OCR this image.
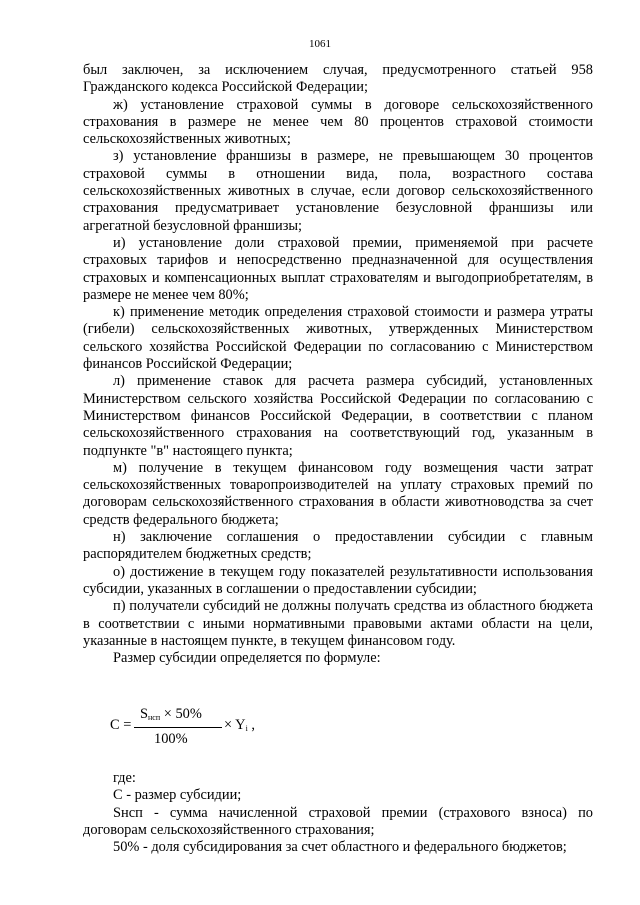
1061

был заключен, за исключением случая, предусмотренного статьей 958 Гражданского кодекса Российской Федерации;

ж) установление страховой суммы в договоре сельскохозяйственного страхования в размере не менее чем 80 процентов страховой стоимости сельскохозяйственных животных;

з) установление франшизы в размере, не превышающем 30 процентов страховой суммы в отношении вида, пола, возрастного состава сельскохозяйственных животных в случае, если договор сельскохозяйственного страхования предусматривает установление безусловной франшизы или агрегатной безусловной франшизы;

и) установление доли страховой премии, применяемой при расчете страховых тарифов и непосредственно предназначенной для осуществления страховых и компенсационных выплат страхователям и выгодоприобретателям, в размере не менее чем 80%;

к) применение методик определения страховой стоимости и размера утраты (гибели) сельскохозяйственных животных, утвержденных Министерством сельского хозяйства Российской Федерации по согласованию с Министерством финансов Российской Федерации;

л) применение ставок для расчета размера субсидий, установленных Министерством сельского хозяйства Российской Федерации по согласованию с Министерством финансов Российской Федерации, в соответствии с планом сельскохозяйственного страхования на соответствующий год, указанным в подпункте "в" настоящего пункта;

м) получение в текущем финансовом году возмещения части затрат сельскохозяйственных товаропроизводителей на уплату страховых премий по договорам сельскохозяйственного страхования в области животноводства за счет средств федерального бюджета;

н) заключение соглашения о предоставлении субсидии с главным распорядителем бюджетных средств;

о) достижение в текущем году показателей результативности использования субсидии, указанных в соглашении о предоставлении субсидии;

п) получатели субсидий не должны получать средства из областного бюджета в соответствии с иными нормативными правовыми актами области на цели, указанные в настоящем пункте, в текущем финансовом году.

Размер субсидии определяется по формуле:

C =
$S_{нсп} \times 50\%$
100%
× $Y_i$ ,

где:

С - размер субсидии;

Sнсп - сумма начисленной страховой премии (страхового взноса) по договорам сельскохозяйственного страхования;

50% - доля субсидирования за счет областного и федерального бюджетов;
